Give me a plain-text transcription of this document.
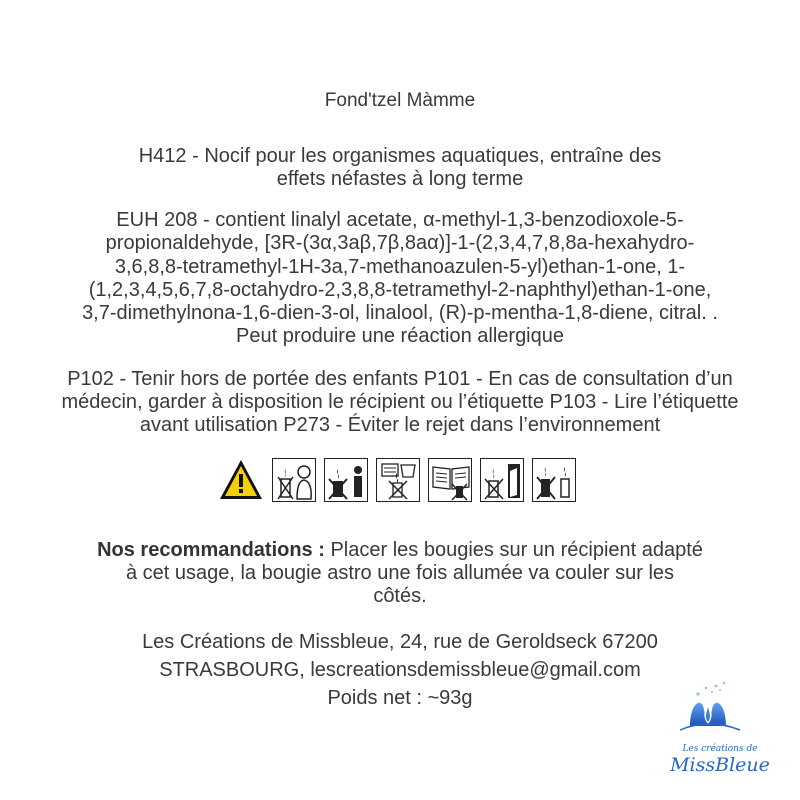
Fond'tzel Màmme
H412 - Nocif pour les organismes aquatiques, entraîne des
effets néfastes à long terme
EUH 208 - contient linalyl acetate, α-methyl-1,3-benzodioxole-5-
propionaldehyde, [3R-(3α,3aβ,7β,8aα)]-1-(2,3,4,7,8,8a-hexahydro-
3,6,8,8-tetramethyl-1H-3a,7-methanoazulen-5-yl)ethan-1-one, 1-
(1,2,3,4,5,6,7,8-octahydro-2,3,8,8-tetramethyl-2-naphthyl)ethan-1-one,
3,7-dimethylnona-1,6-dien-3-ol, linalool, (R)-p-mentha-1,8-diene, citral. .
Peut produire une réaction allergique
P102 - Tenir hors de portée des enfants P101 - En cas de consultation d’un
médecin, garder à disposition le récipient ou l’étiquette P103 - Lire l’étiquette
avant utilisation P273 - Éviter le rejet dans l’environnement
Nos recommandations : Placer les bougies sur un récipient adapté
à cet usage, la bougie astro une fois allumée va couler sur les
côtés.
Les Créations de Missbleue, 24, rue de Geroldseck 67200
STRASBOURG, lescreationsdemissbleue@gmail.com
Poids net : ~93g
Les créations de
MissBleue
